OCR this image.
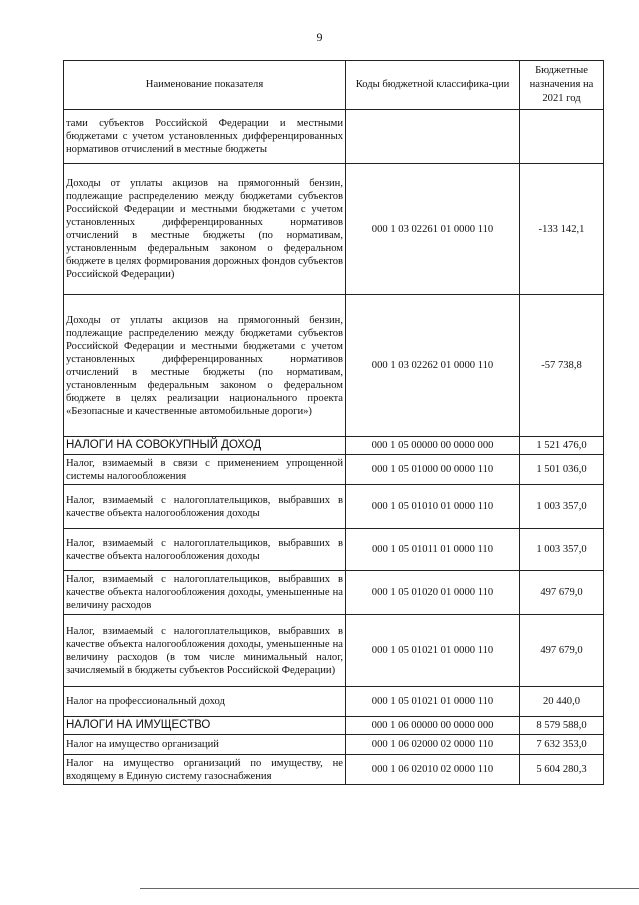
9
Наименование показателя	Коды бюджетной классифика-ции	Бюджетные назначения на 2021 год
тами субъектов Российской Федерации и местными бюджетами с учетом установленных дифференцированных нормативов отчислений в местные бюджеты		
Доходы от уплаты акцизов на прямогонный бензин, подлежащие распределению между бюджетами субъектов Российской Федерации и местными бюджетами с учетом установленных дифференцированных нормативов отчислений в местные бюджеты (по нормативам, установленным федеральным законом о федеральном бюджете в целях формирования дорожных фондов субъектов Российской Федерации)	000 1 03 02261 01 0000 110	-133 142,1
Доходы от уплаты акцизов на прямогонный бензин, подлежащие распределению между бюджетами субъектов Российской Федерации и местными бюджетами с учетом установленных дифференцированных нормативов отчислений в местные бюджеты (по нормативам, установленным федеральным законом о федеральном бюджете в целях реализации национального проекта «Безопасные и качественные автомобильные дороги»)	000 1 03 02262 01 0000 110	-57 738,8
НАЛОГИ НА СОВОКУПНЫЙ ДОХОД	000 1 05 00000 00 0000 000	1 521 476,0
Налог, взимаемый в связи с применением упрощенной системы налогообложения	000 1 05 01000 00 0000 110	1 501 036,0
Налог, взимаемый с налогоплательщиков, выбравших в качестве объекта налогообложения доходы	000 1 05 01010 01 0000 110	1 003 357,0
Налог, взимаемый с налогоплательщиков, выбравших в качестве объекта налогообложения доходы	000 1 05 01011 01 0000 110	1 003 357,0
Налог, взимаемый с налогоплательщиков, выбравших в качестве объекта налогообложения доходы, уменьшенные на величину расходов	000 1 05 01020 01 0000 110	497 679,0
Налог, взимаемый с налогоплательщиков, выбравших в качестве объекта налогообложения доходы, уменьшенные на величину расходов (в том числе минимальный налог, зачисляемый в бюджеты субъектов Российской Федерации)	000 1 05 01021 01 0000 110	497 679,0
Налог на профессиональный доход	000 1 05 01021 01 0000 110	20 440,0
НАЛОГИ НА ИМУЩЕСТВО	000 1 06 00000 00 0000 000	8 579 588,0
Налог на имущество организаций	000 1 06 02000 02 0000 110	7 632 353,0
Налог на имущество организаций по имуществу, не входящему в Единую систему газоснабжения	000 1 06 02010 02 0000 110	5 604 280,3
